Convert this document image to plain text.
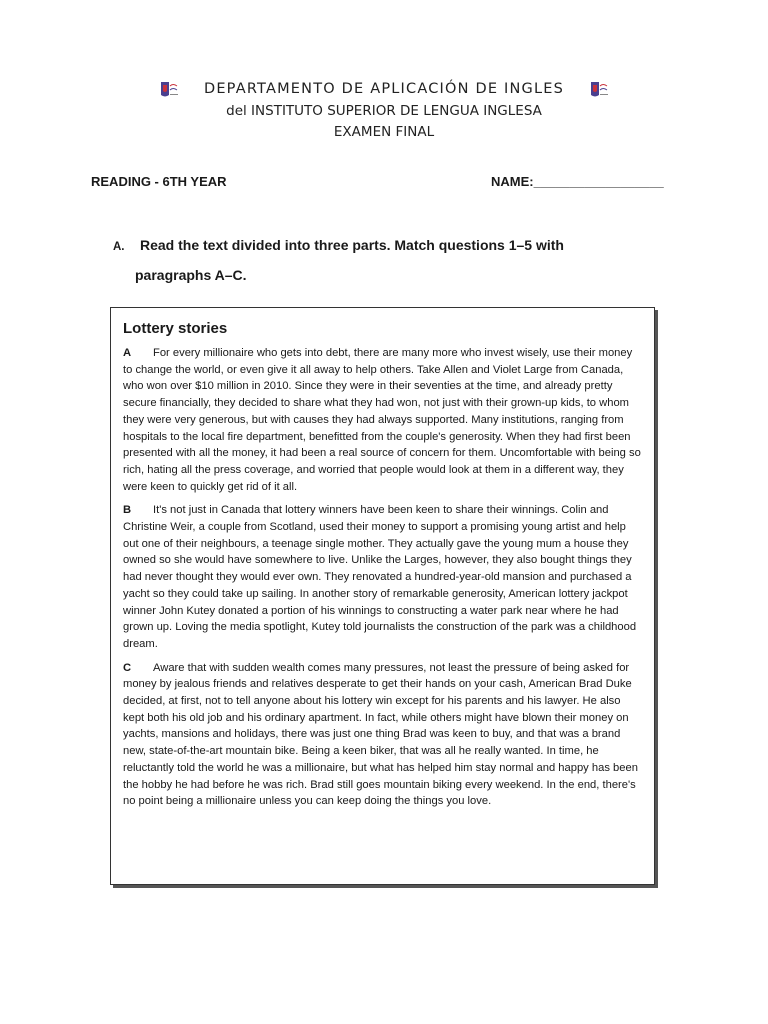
DEPARTAMENTO DE APLICACIÓN DE INGLES
del INSTITUTO SUPERIOR DE LENGUA INGLESA
EXAMEN FINAL
READING - 6TH YEAR	NAME:__________________
A. Read the text divided into three parts. Match questions 1–5 with
paragraphs A–C.
Lottery stories

A For every millionaire who gets into debt, there are many more who invest wisely, use their money to change the world, or even give it all away to help others. Take Allen and Violet Large from Canada, who won over $10 million in 2010. Since they were in their seventies at the time, and already pretty secure financially, they decided to share what they had won, not just with their grown-up kids, to whom they were very generous, but with causes they had always supported. Many institutions, ranging from hospitals to the local fire department, benefitted from the couple's generosity. When they had first been presented with all the money, it had been a real source of concern for them. Uncomfortable with being so rich, hating all the press coverage, and worried that people would look at them in a different way, they were keen to quickly get rid of it all.

B It's not just in Canada that lottery winners have been keen to share their winnings. Colin and Christine Weir, a couple from Scotland, used their money to support a promising young artist and help out one of their neighbours, a teenage single mother. They actually gave the young mum a house they owned so she would have somewhere to live. Unlike the Larges, however, they also bought things they had never thought they would ever own. They renovated a hundred-year-old mansion and purchased a yacht so they could take up sailing. In another story of remarkable generosity, American lottery jackpot winner John Kutey donated a portion of his winnings to constructing a water park near where he had grown up. Loving the media spotlight, Kutey told journalists the construction of the park was a childhood dream.

C Aware that with sudden wealth comes many pressures, not least the pressure of being asked for money by jealous friends and relatives desperate to get their hands on your cash, American Brad Duke decided, at first, not to tell anyone about his lottery win except for his parents and his lawyer. He also kept both his old job and his ordinary apartment. In fact, while others might have blown their money on yachts, mansions and holidays, there was just one thing Brad was keen to buy, and that was a brand new, state-of-the-art mountain bike. Being a keen biker, that was all he really wanted. In time, he reluctantly told the world he was a millionaire, but what has helped him stay normal and happy has been the hobby he had before he was rich. Brad still goes mountain biking every weekend. In the end, there's no point being a millionaire unless you can keep doing the things you love.
